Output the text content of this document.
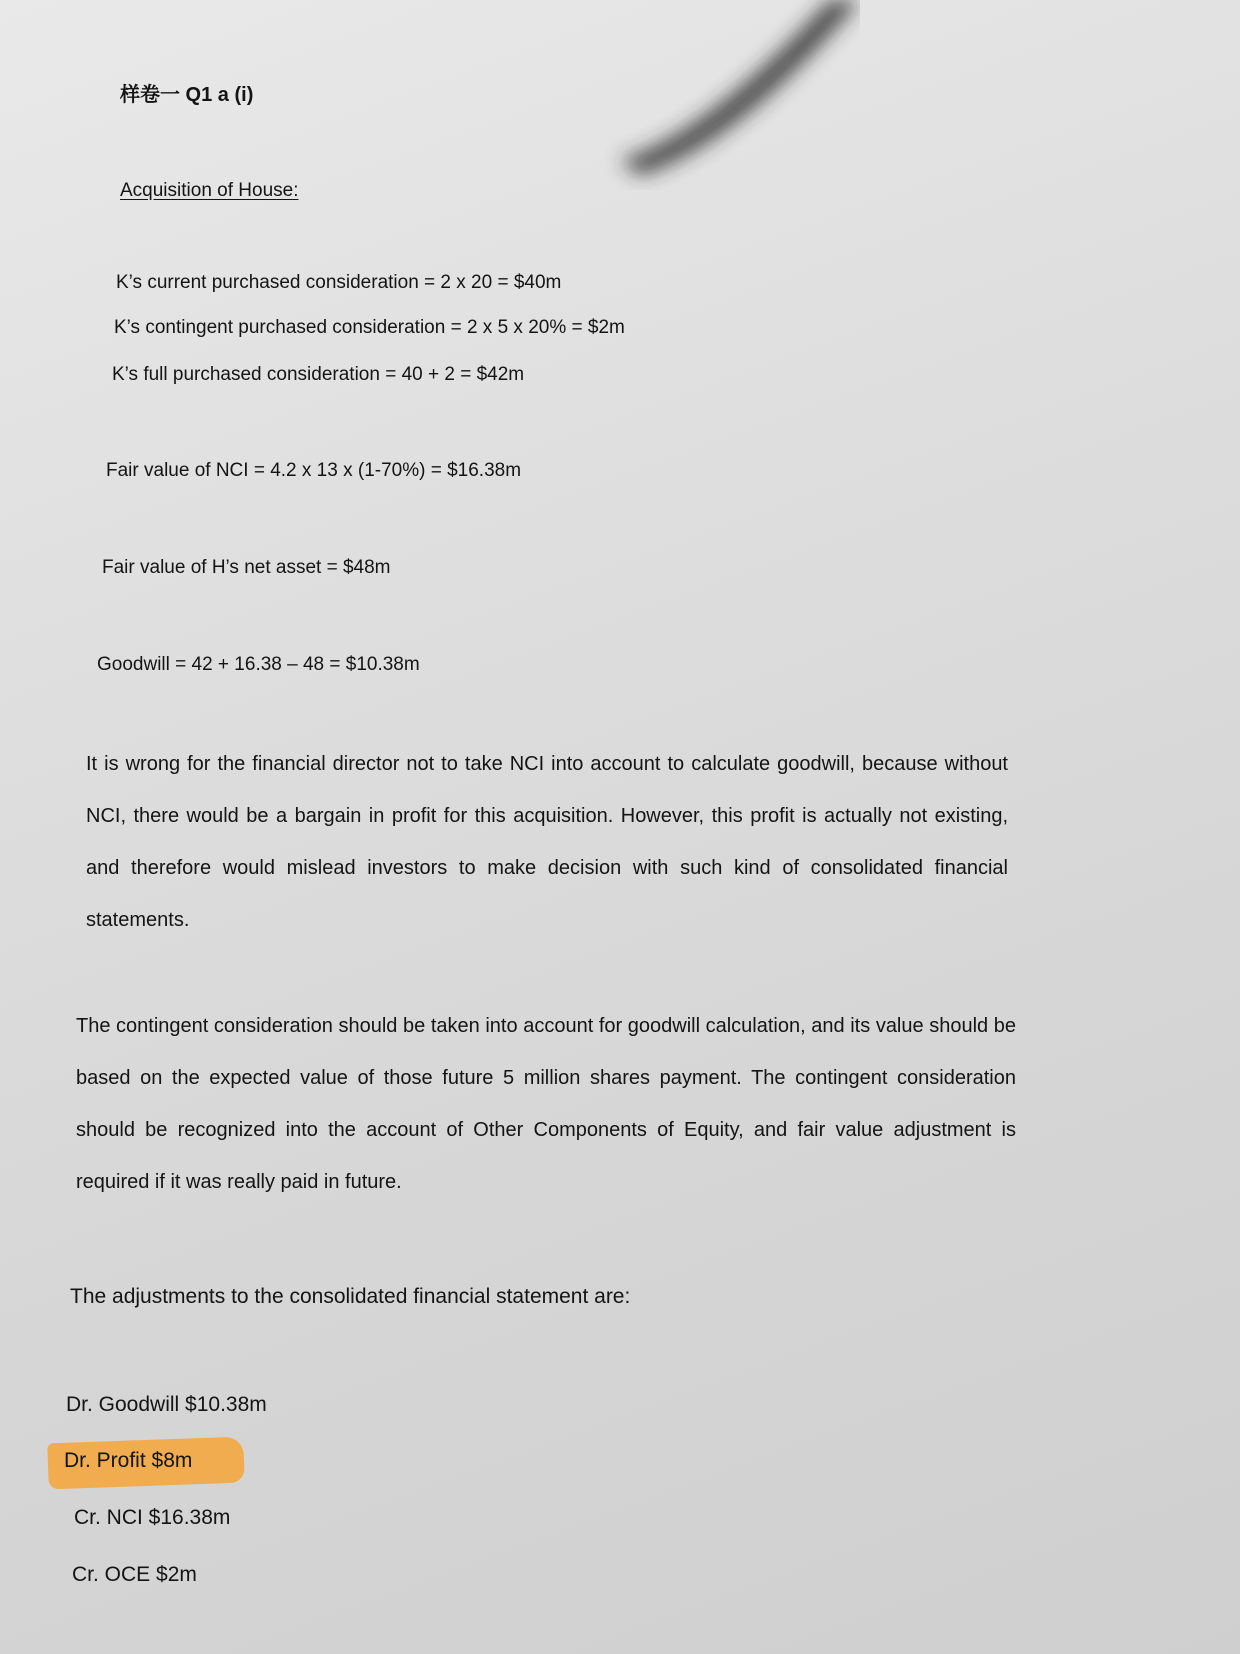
样卷一 Q1 a (i)
Acquisition of House:
K’s current purchased consideration = 2 x 20 = $40m
K’s contingent purchased consideration = 2 x 5 x 20% = $2m
K’s full purchased consideration = 40 + 2 = $42m
Fair value of NCI = 4.2 x 13 x (1-70%) = $16.38m
Fair value of H’s net asset = $48m
Goodwill = 42 + 16.38 – 48 = $10.38m

It is wrong for the financial director not to take NCI into account to calculate goodwill, because without NCI, there would be a bargain in profit for this acquisition. However, this profit is actually not existing, and therefore would mislead investors to make decision with such kind of consolidated financial statements.

The contingent consideration should be taken into account for goodwill calculation, and its value should be based on the expected value of those future 5 million shares payment. The contingent consideration should be recognized into the account of Other Components of Equity, and fair value adjustment is required if it was really paid in future.

The adjustments to the consolidated financial statement are:
Dr. Goodwill $10.38m
Dr. Profit $8m
Cr. NCI $16.38m
Cr. OCE $2m
